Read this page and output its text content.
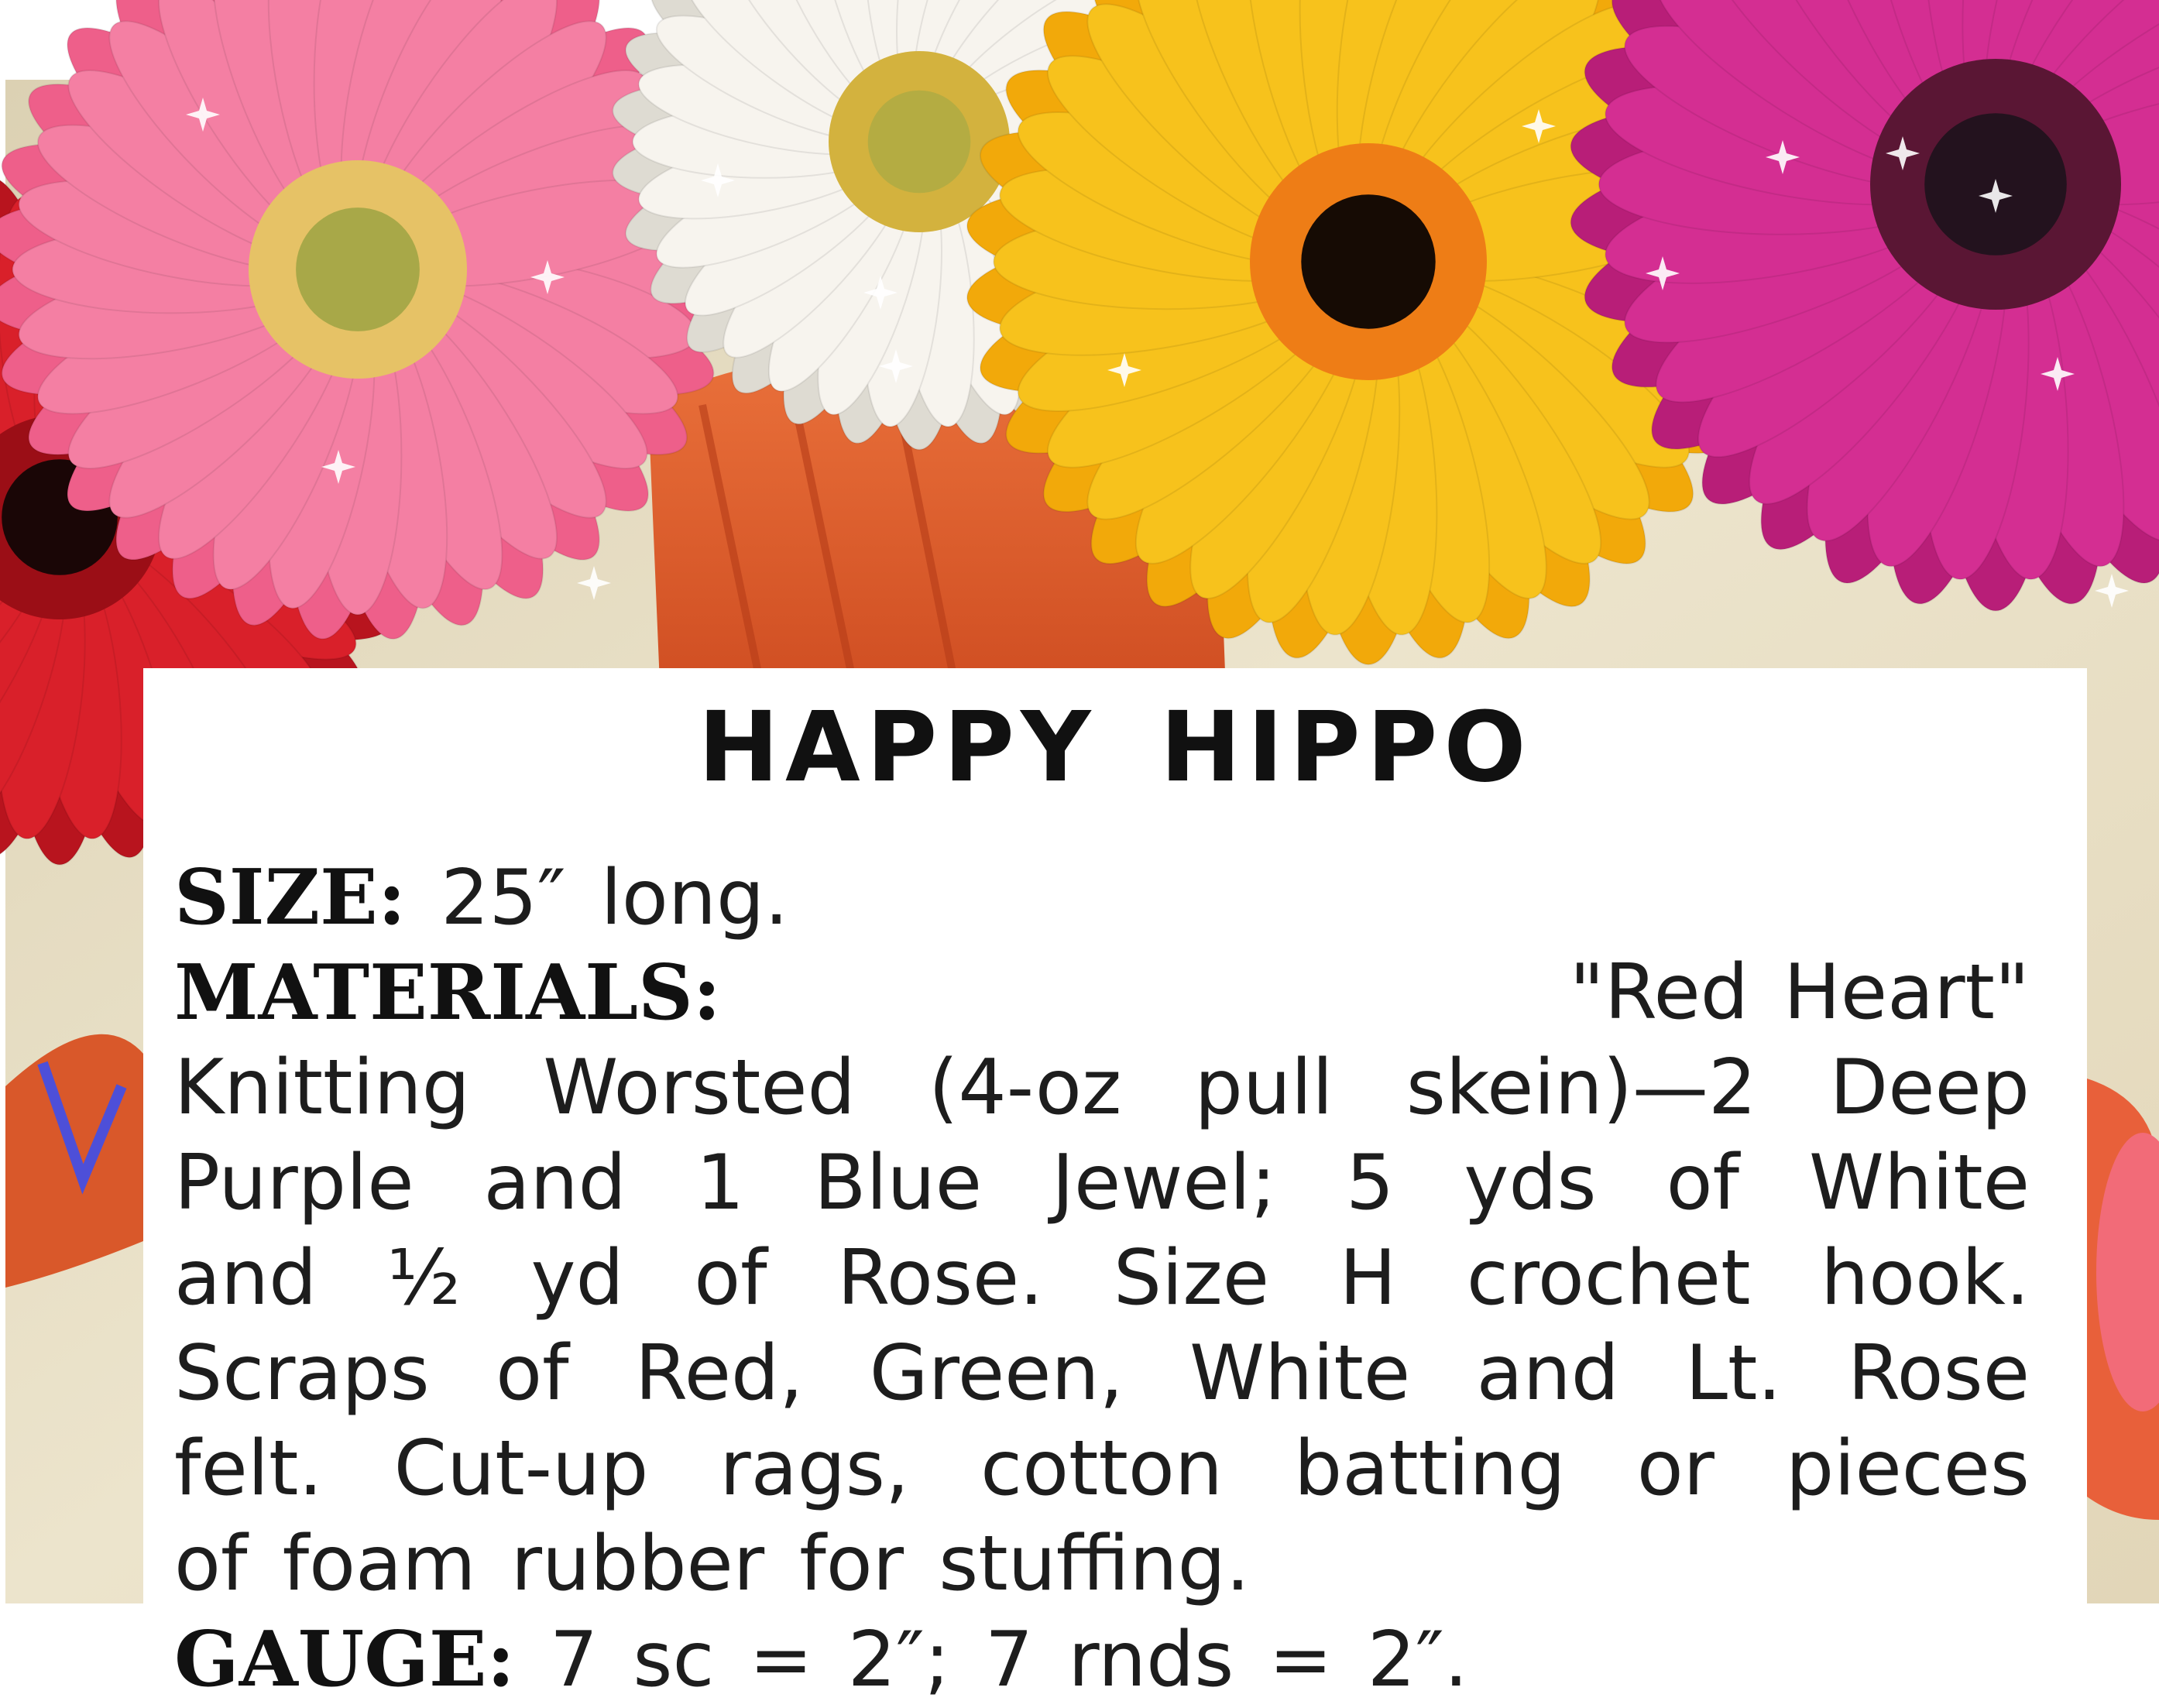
HAPPY HIPPO
SIZE: 25″ long.
MATERIALS:	"Red Heart"
Knitting Worsted (4-oz pull skein)—2 Deep
Purple and 1 Blue Jewel; 5 yds of White
and ½ yd of Rose. Size H crochet hook.
Scraps of Red, Green, White and Lt. Rose
felt. Cut-up rags, cotton batting or pieces
of foam rubber for stuffing.
GAUGE: 7 sc = 2″; 7 rnds = 2″.
